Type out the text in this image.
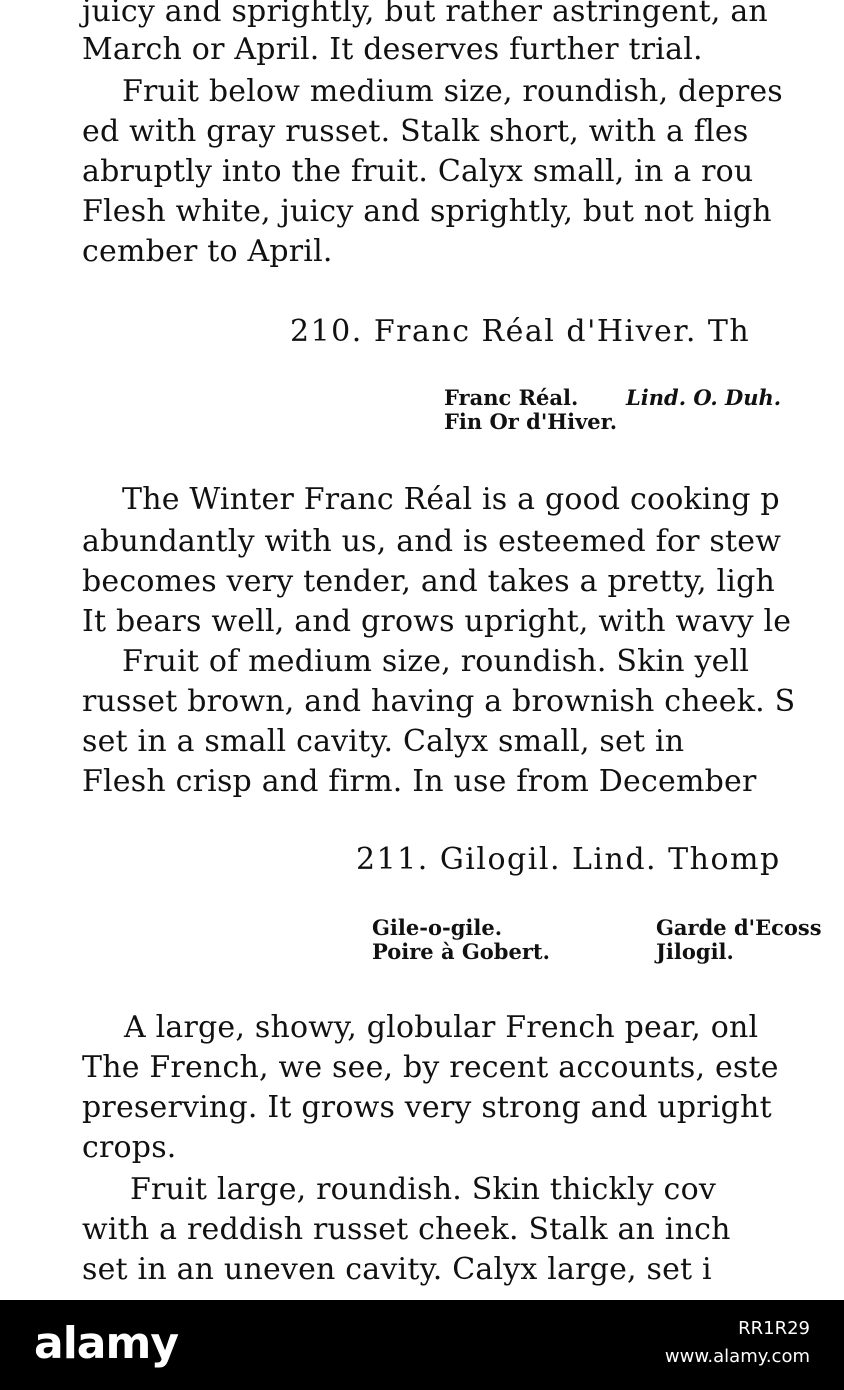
juicy and sprightly, but rather astringent, an
March or April. It deserves further trial.
Fruit below medium size, roundish, depres
ed with gray russet. Stalk short, with a fles
abruptly into the fruit. Calyx small, in a rou
Flesh white, juicy and sprightly, but not high
cember to April.
210. Franc Réal d'Hiver. Th
Franc Réal. Lind. O. Duh.
Fin Or d'Hiver.
The Winter Franc Réal is a good cooking p
abundantly with us, and is esteemed for stew
becomes very tender, and takes a pretty, ligh
It bears well, and grows upright, with wavy le
Fruit of medium size, roundish. Skin yell
russet brown, and having a brownish cheek. S
set in a small cavity. Calyx small, set in
Flesh crisp and firm. In use from December
211. Gilogil. Lind. Thomp
Gile-o-gile.	Garde d'Ecoss
Poire à Gobert.	Jilogil.
A large, showy, globular French pear, onl
The French, we see, by recent accounts, este
preserving. It grows very strong and upright
crops.
Fruit large, roundish. Skin thickly cov
with a reddish russet cheek. Stalk an inch
set in an uneven cavity. Calyx large, set i
alamy	RR1R29
www.alamy.com
